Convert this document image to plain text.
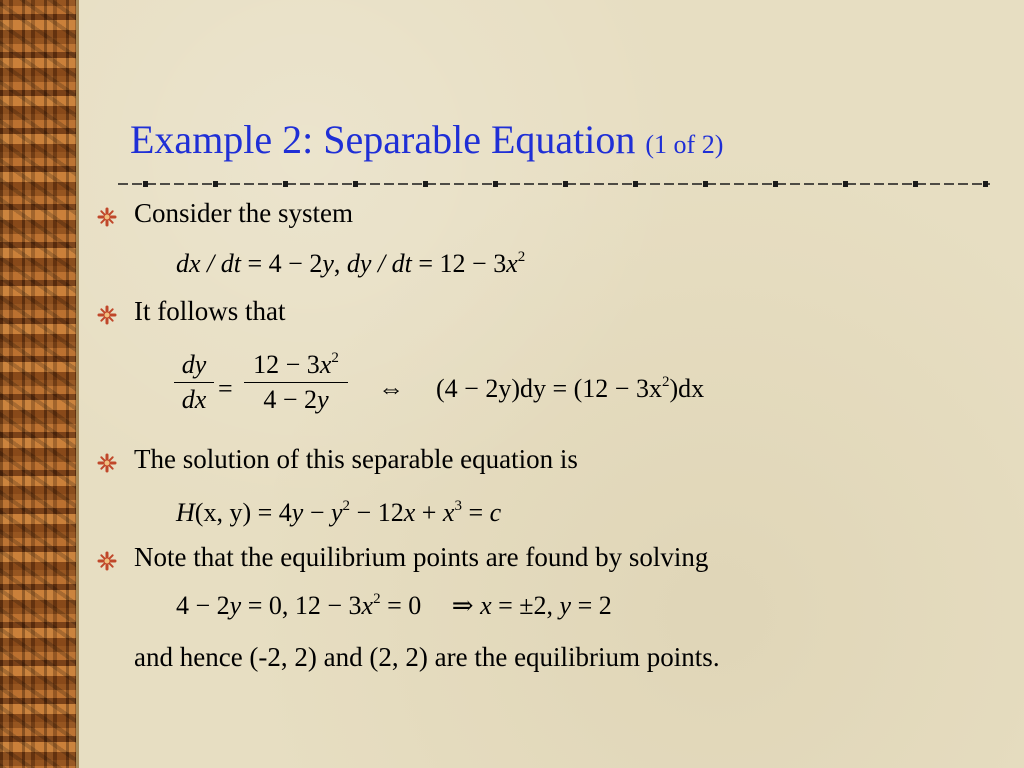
Example 2: Separable Equation (1 of 2)
Consider the system
dx / dt = 4 − 2y, dy / dt = $12 - 3x^2$
It follows that
dy
dx =
$12 - 3x^2$
4 − 2y	⇔ $(4 - 2y)dy = (12 - 3x^2)dx$
The solution of this separable equation is
H(x, $y) = 4y - y^2 - 12x + x^3 = c$
Note that the equilibrium points are found by solving
4 − 2y = 0, $12 - 3x^2 = 0$ ⇒ x = ±2, y = 2
and hence (-2, 2) and (2, 2) are the equilibrium points.
